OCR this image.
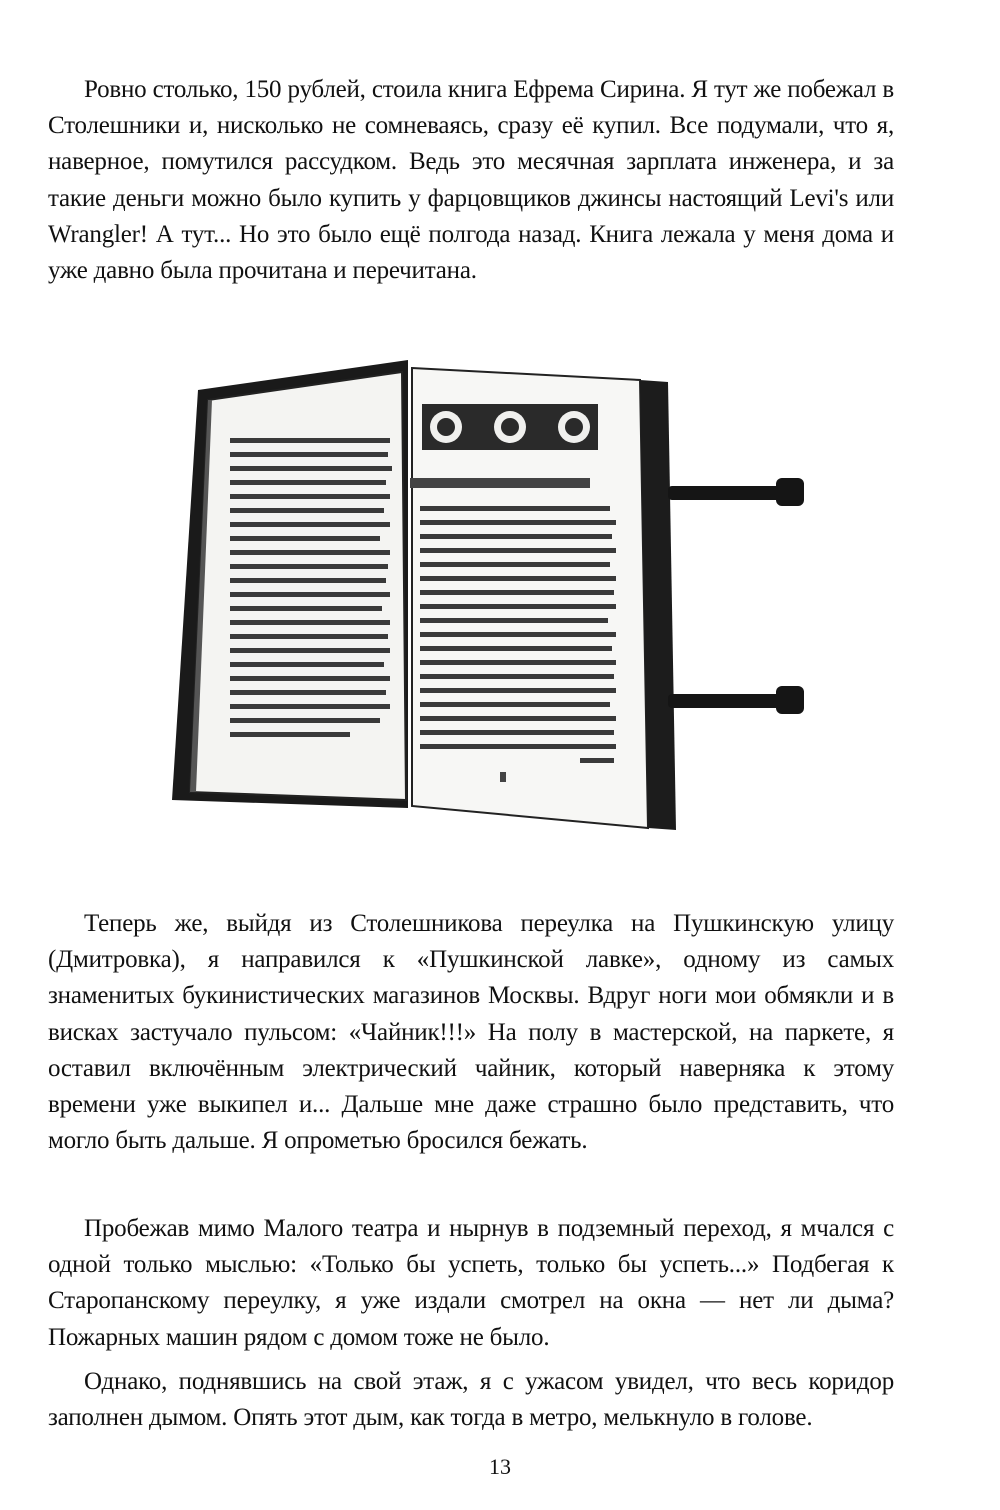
Ровно столько, 150 рублей, стоила книга Ефрема Сирина. Я тут же побежал в Столешники и, нисколько не сомневаясь, сразу её купил. Все подумали, что я, наверное, помутился рассудком. Ведь это месячная зарплата инженера, и за такие деньги можно было купить у фарцовщиков джинсы настоящий Levi's или Wrangler! А тут... Но это было ещё полгода назад. Книга лежала у меня дома и уже давно была прочитана и перечитана.

Теперь же, выйдя из Столешникова переулка на Пушкинскую улицу (Дмитровка), я направился к «Пушкинской лавке», одному из самых знаменитых букинистических магазинов Москвы. Вдруг ноги мои обмякли и в висках застучало пульсом: «Чайник!!!» На полу в мастерской, на паркете, я оставил включённым электрический чайник, который наверняка к этому времени уже выкипел и... Дальше мне даже страшно было представить, что могло быть дальше. Я опрометью бросился бежать.

Пробежав мимо Малого театра и нырнув в подземный переход, я мчался с одной только мыслью: «Только бы успеть, только бы успеть...» Подбегая к Старопанскому переулку, я уже издали смотрел на окна — нет ли дыма? Пожарных машин рядом с домом тоже не было.

Однако, поднявшись на свой этаж, я с ужасом увидел, что весь коридор заполнен дымом. Опять этот дым, как тогда в метро, мелькнуло в голове.

13
